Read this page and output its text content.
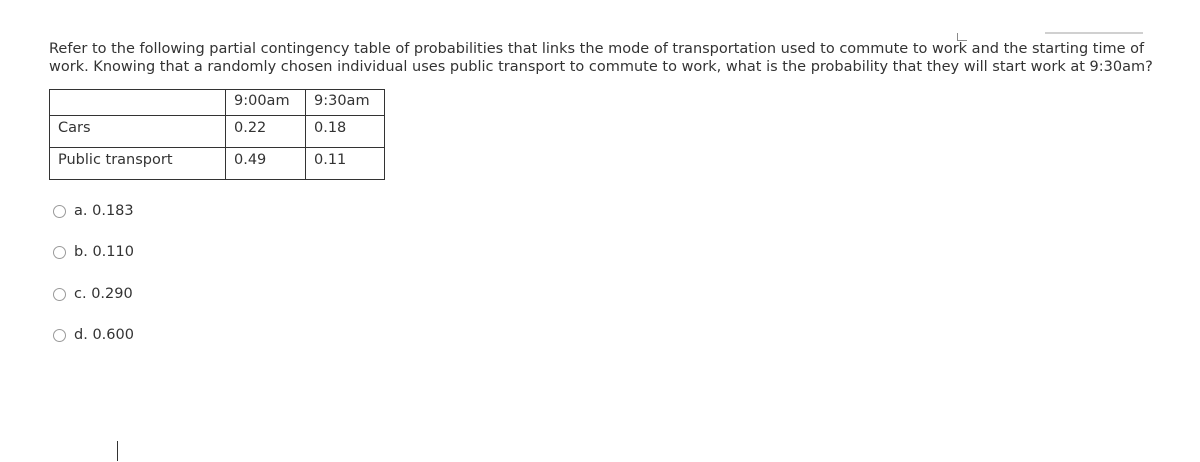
Refer to the following partial contingency table of probabilities that links the mode of transportation used to commute to work and the starting time of
work. Knowing that a randomly chosen individual uses public transport to commute to work, what is the probability that they will start work at 9:30am?
	9:00am	9:30am
Cars	0.22	0.18
Public transport	0.49	0.11
a. 0.183
b. 0.110
c. 0.290
d. 0.600
